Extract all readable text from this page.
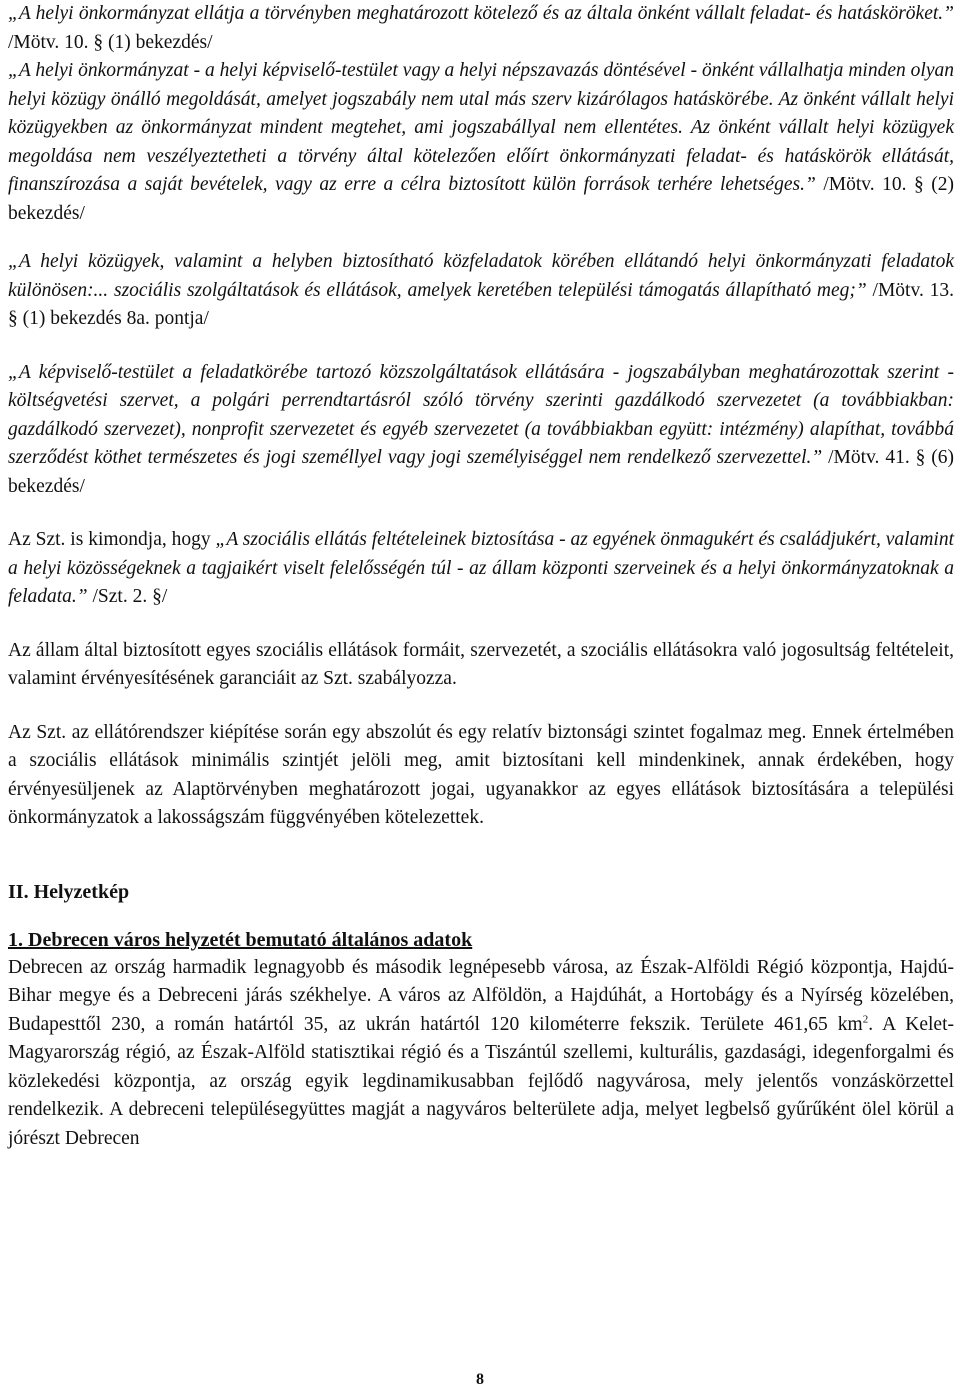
„A helyi önkormányzat ellátja a törvényben meghatározott kötelező és az általa önként vállalt feladat- és hatásköröket.” /Mötv. 10. § (1) bekezdés/
„A helyi önkormányzat - a helyi képviselő-testület vagy a helyi népszavazás döntésével - önként vállalhatja minden olyan helyi közügy önálló megoldását, amelyet jogszabály nem utal más szerv kizárólagos hatáskörébe. Az önként vállalt helyi közügyekben az önkormányzat mindent megtehet, ami jogszabállyal nem ellentétes. Az önként vállalt helyi közügyek megoldása nem veszélyeztetheti a törvény által kötelezően előírt önkormányzati feladat- és hatáskörök ellátását, finanszírozása a saját bevételek, vagy az erre a célra biztosított külön források terhére lehetséges.” /Mötv. 10. § (2) bekezdés/

„A helyi közügyek, valamint a helyben biztosítható közfeladatok körében ellátandó helyi önkormányzati feladatok különösen:... szociális szolgáltatások és ellátások, amelyek keretében települési támogatás állapítható meg;” /Mötv. 13. § (1) bekezdés 8a. pontja/

„A képviselő-testület a feladatkörébe tartozó közszolgáltatások ellátására - jogszabályban meghatározottak szerint - költségvetési szervet, a polgári perrendtartásról szóló törvény szerinti gazdálkodó szervezetet (a továbbiakban: gazdálkodó szervezet), nonprofit szervezetet és egyéb szervezetet (a továbbiakban együtt: intézmény) alapíthat, továbbá szerződést köthet természetes és jogi személlyel vagy jogi személyiséggel nem rendelkező szervezettel.” /Mötv. 41. § (6) bekezdés/

Az Szt. is kimondja, hogy „A szociális ellátás feltételeinek biztosítása - az egyének önmagukért és családjukért, valamint a helyi közösségeknek a tagjaikért viselt felelősségén túl - az állam központi szerveinek és a helyi önkormányzatoknak a feladata.” /Szt. 2. §/

Az állam által biztosított egyes szociális ellátások formáit, szervezetét, a szociális ellátásokra való jogosultság feltételeit, valamint érvényesítésének garanciáit az Szt. szabályozza.

Az Szt. az ellátórendszer kiépítése során egy abszolút és egy relatív biztonsági szintet fogalmaz meg. Ennek értelmében a szociális ellátások minimális szintjét jelöli meg, amit biztosítani kell mindenkinek, annak érdekében, hogy érvényesüljenek az Alaptörvényben meghatározott jogai, ugyanakkor az egyes ellátások biztosítására a települési önkormányzatok a lakosságszám függvényében kötelezettek.

II. Helyzetkép
1. Debrecen város helyzetét bemutató általános adatok

Debrecen az ország harmadik legnagyobb és második legnépesebb városa, az Észak-Alföldi Régió központja, Hajdú-Bihar megye és a Debreceni járás székhelye. A város az Alföldön, a Hajdúhát, a Hortobágy és a Nyírség közelében, Budapesttől 230, a román határtól 35, az ukrán határtól 120 kilométerre fekszik. Területe 461,65 $km^2$. A Kelet-Magyarország régió, az Észak-Alföld statisztikai régió és a Tiszántúl szellemi, kulturális, gazdasági, idegenforgalmi és közlekedési központja, az ország egyik legdinamikusabban fejlődő nagyvárosa, mely jelentős vonzáskörzettel rendelkezik. A debreceni településegyüttes magját a nagyváros belterülete adja, melyet legbelső gyűrűként ölel körül a jórészt Debrecen

8
